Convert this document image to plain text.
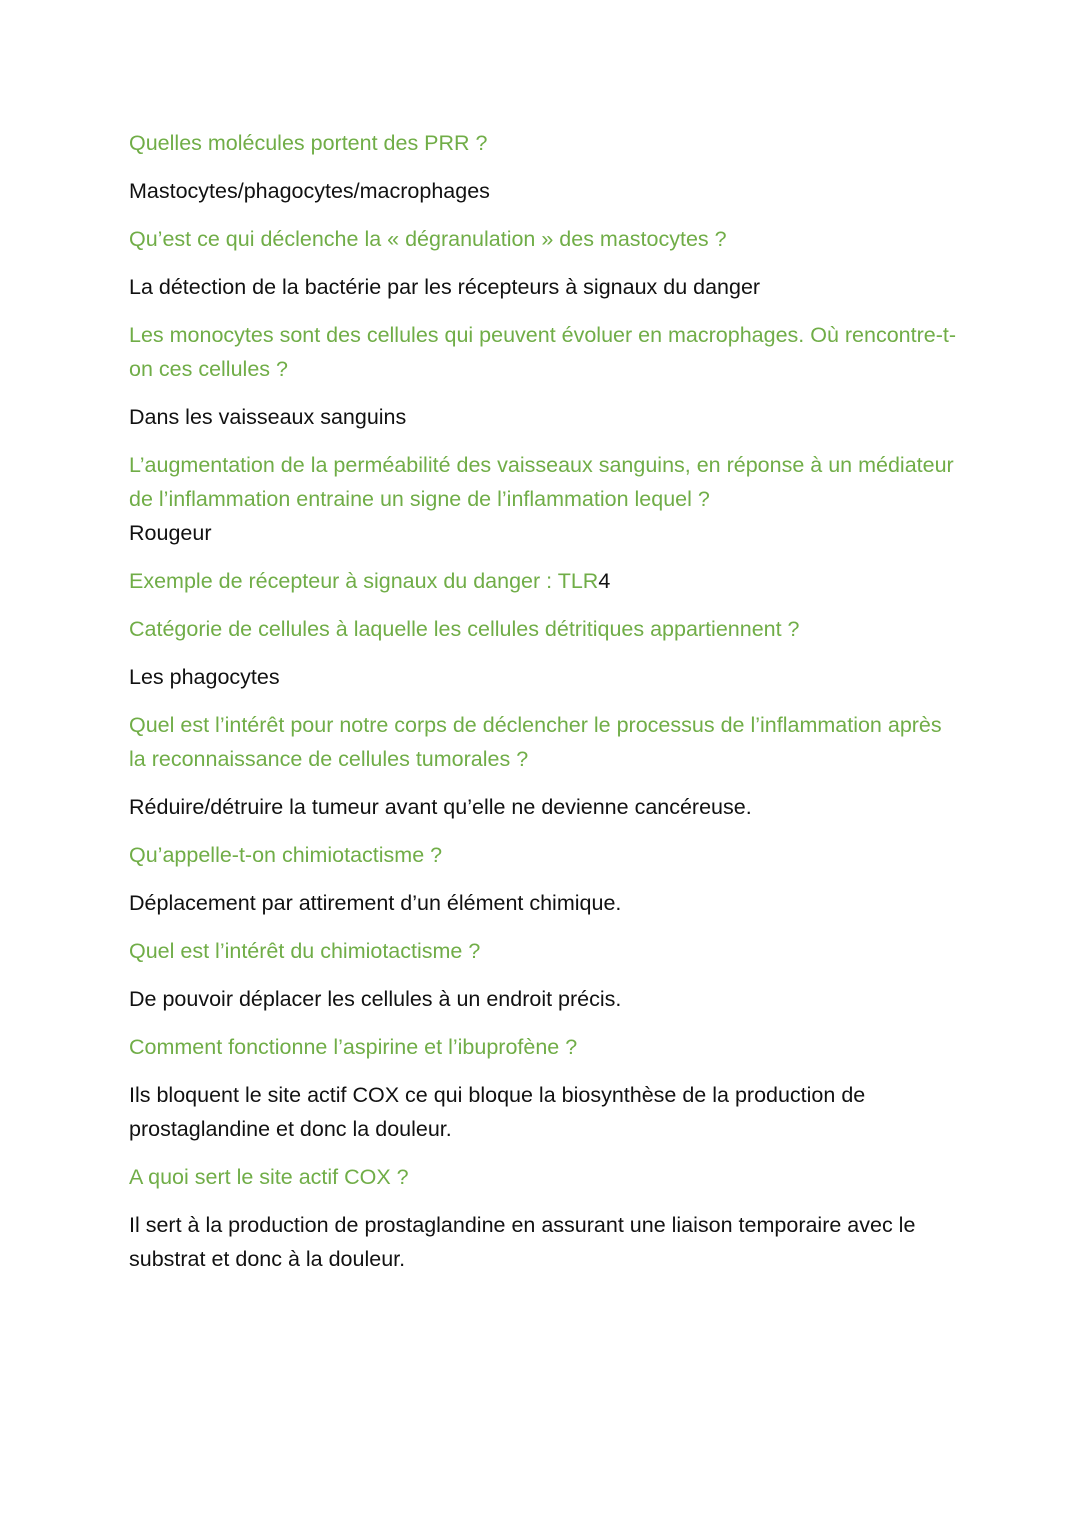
Quelles molécules portent des PRR ?

Mastocytes/phagocytes/macrophages

Qu’est ce qui déclenche la « dégranulation » des mastocytes ?

La détection de la bactérie par les récepteurs à signaux du danger

Les monocytes sont des cellules qui peuvent évoluer en macrophages. Où rencontre-t-on ces cellules ?

Dans les vaisseaux sanguins

L’augmentation de la perméabilité des vaisseaux sanguins, en réponse à un médiateur de l’inflammation entraine un signe de l’inflammation lequel ?

Rougeur

Exemple de récepteur à signaux du danger : TLR4

Catégorie de cellules à laquelle les cellules détritiques appartiennent ?

Les phagocytes

Quel est l’intérêt pour notre corps de déclencher le processus de l’inflammation après la reconnaissance de cellules tumorales ?

Réduire/détruire la tumeur avant qu’elle ne devienne cancéreuse.

Qu’appelle-t-on chimiotactisme ?

Déplacement par attirement d’un élément chimique.

Quel est l’intérêt du chimiotactisme ?

De pouvoir déplacer les cellules à un endroit précis.

Comment fonctionne l’aspirine et l’ibuprofène ?

Ils bloquent le site actif COX ce qui bloque la biosynthèse de la production de prostaglandine et donc la douleur.

A quoi sert le site actif COX ?

Il sert à la production de prostaglandine en assurant une liaison temporaire avec le substrat et donc à la douleur.
